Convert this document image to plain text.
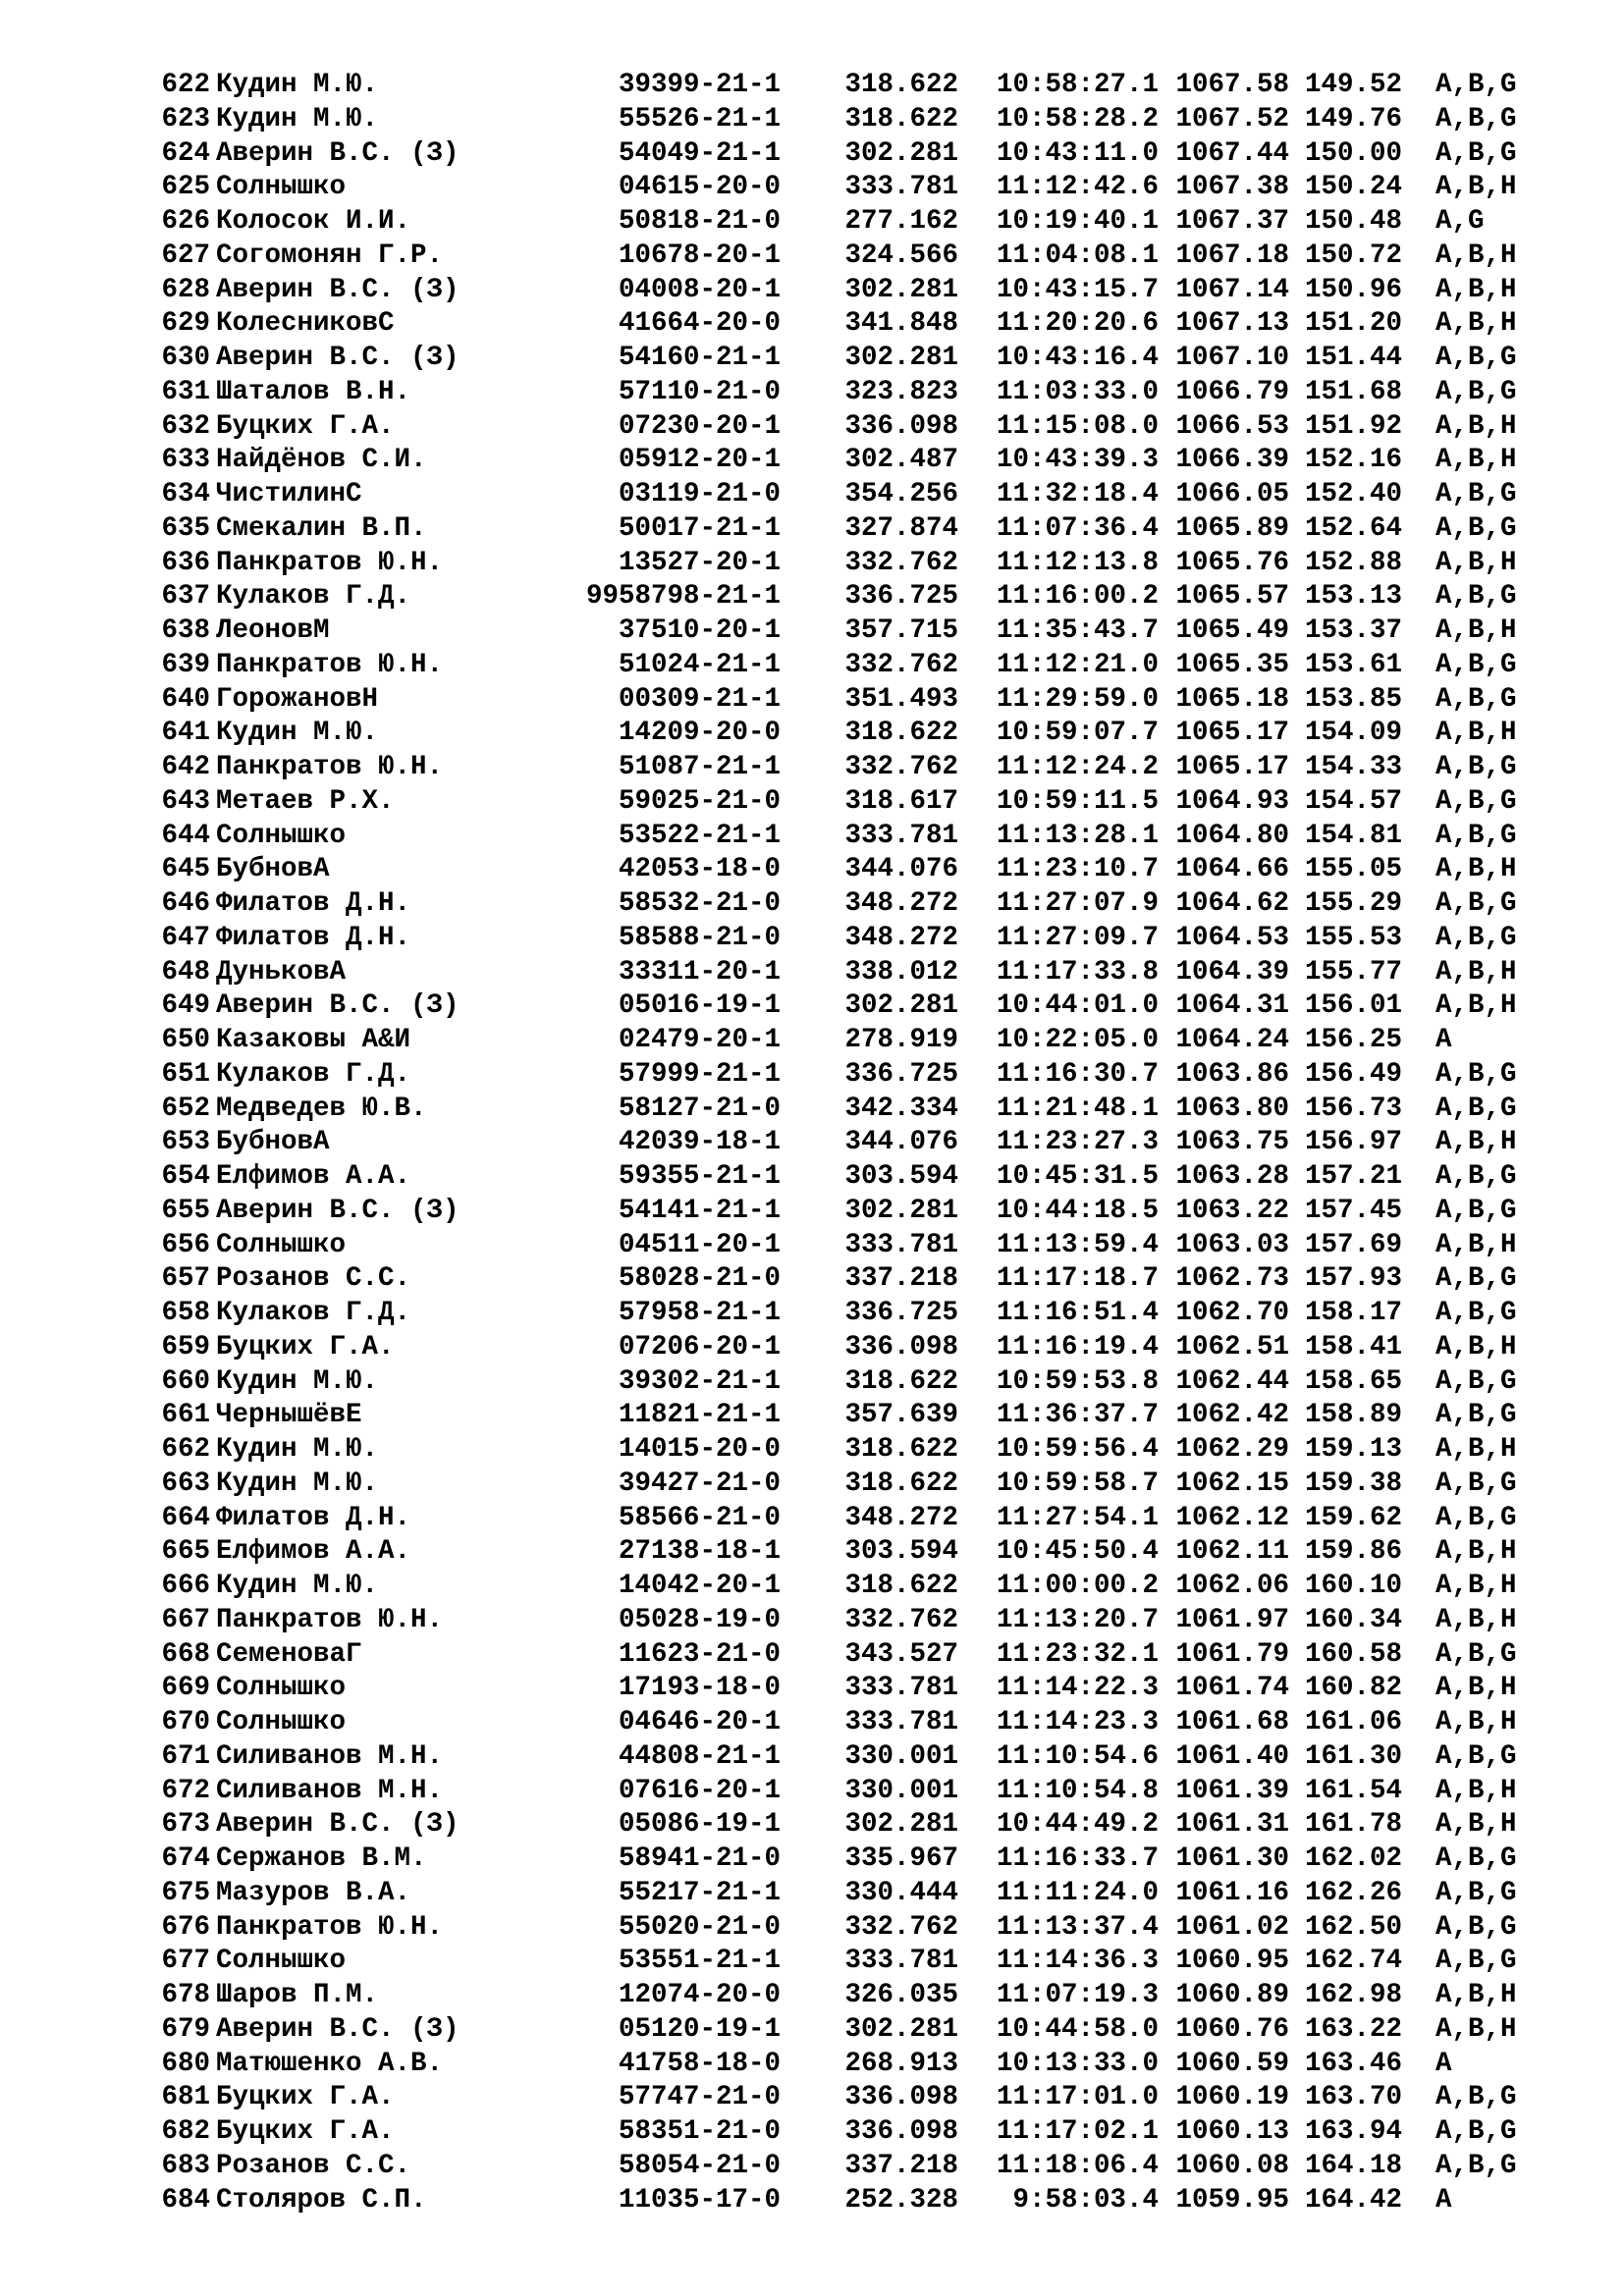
622 Кудин М.Ю.	39399-21-1	318.622	10:58:27.1 1067.58 149.52 A,B,G
623 Кудин М.Ю.	55526-21-1	318.622	10:58:28.2 1067.52 149.76 A,B,G
624 Аверин В.С. (З)	54049-21-1	302.281	10:43:11.0 1067.44 150.00 A,B,G
625 Солнышко	04615-20-0	333.781	11:12:42.6 1067.38 150.24 A,B,H
626 Колосок И.И.	50818-21-0	277.162	10:19:40.1 1067.37 150.48 A,G
627 Согомонян Г.Р.	10678-20-1	324.566	11:04:08.1 1067.18 150.72 A,B,H
628 Аверин В.С. (З)	04008-20-1	302.281	10:43:15.7 1067.14 150.96 A,B,H
629 КолесниковС	41664-20-0	341.848	11:20:20.6 1067.13 151.20 A,B,H
630 Аверин В.С. (З)	54160-21-1	302.281	10:43:16.4 1067.10 151.44 A,B,G
631 Шаталов В.Н.	57110-21-0	323.823	11:03:33.0 1066.79 151.68 A,B,G
632 Буцких Г.А.	07230-20-1	336.098	11:15:08.0 1066.53 151.92 A,B,H
633 Найдёнов С.И.	05912-20-1	302.487	10:43:39.3 1066.39 152.16 A,B,H
634 ЧистилинС	03119-21-0	354.256	11:32:18.4 1066.05 152.40 A,B,G
635 Смекалин В.П.	50017-21-1	327.874	11:07:36.4 1065.89 152.64 A,B,G
636 Панкратов Ю.Н.	13527-20-1	332.762	11:12:13.8 1065.76 152.88 A,B,H
637 Кулаков Г.Д.	9958798-21-1	336.725	11:16:00.2 1065.57 153.13 A,B,G
638 ЛеоновМ	37510-20-1	357.715	11:35:43.7 1065.49 153.37 A,B,H
639 Панкратов Ю.Н.	51024-21-1	332.762	11:12:21.0 1065.35 153.61 A,B,G
640 ГорожановН	00309-21-1	351.493	11:29:59.0 1065.18 153.85 A,B,G
641 Кудин М.Ю.	14209-20-0	318.622	10:59:07.7 1065.17 154.09 A,B,H
642 Панкратов Ю.Н.	51087-21-1	332.762	11:12:24.2 1065.17 154.33 A,B,G
643 Метаев Р.Х.	59025-21-0	318.617	10:59:11.5 1064.93 154.57 A,B,G
644 Солнышко	53522-21-1	333.781	11:13:28.1 1064.80 154.81 A,B,G
645 БубновА	42053-18-0	344.076	11:23:10.7 1064.66 155.05 A,B,H
646 Филатов Д.Н.	58532-21-0	348.272	11:27:07.9 1064.62 155.29 A,B,G
647 Филатов Д.Н.	58588-21-0	348.272	11:27:09.7 1064.53 155.53 A,B,G
648 ДуньковА	33311-20-1	338.012	11:17:33.8 1064.39 155.77 A,B,H
649 Аверин В.С. (З)	05016-19-1	302.281	10:44:01.0 1064.31 156.01 A,B,H
650 Казаковы А&И	02479-20-1	278.919	10:22:05.0 1064.24 156.25 A
651 Кулаков Г.Д.	57999-21-1	336.725	11:16:30.7 1063.86 156.49 A,B,G
652 Медведев Ю.В.	58127-21-0	342.334	11:21:48.1 1063.80 156.73 A,B,G
653 БубновА	42039-18-1	344.076	11:23:27.3 1063.75 156.97 A,B,H
654 Елфимов А.А.	59355-21-1	303.594	10:45:31.5 1063.28 157.21 A,B,G
655 Аверин В.С. (З)	54141-21-1	302.281	10:44:18.5 1063.22 157.45 A,B,G
656 Солнышко	04511-20-1	333.781	11:13:59.4 1063.03 157.69 A,B,H
657 Розанов С.С.	58028-21-0	337.218	11:17:18.7 1062.73 157.93 A,B,G
658 Кулаков Г.Д.	57958-21-1	336.725	11:16:51.4 1062.70 158.17 A,B,G
659 Буцких Г.А.	07206-20-1	336.098	11:16:19.4 1062.51 158.41 A,B,H
660 Кудин М.Ю.	39302-21-1	318.622	10:59:53.8 1062.44 158.65 A,B,G
661 ЧернышёвЕ	11821-21-1	357.639	11:36:37.7 1062.42 158.89 A,B,G
662 Кудин М.Ю.	14015-20-0	318.622	10:59:56.4 1062.29 159.13 A,B,H
663 Кудин М.Ю.	39427-21-0	318.622	10:59:58.7 1062.15 159.38 A,B,G
664 Филатов Д.Н.	58566-21-0	348.272	11:27:54.1 1062.12 159.62 A,B,G
665 Елфимов А.А.	27138-18-1	303.594	10:45:50.4 1062.11 159.86 A,B,H
666 Кудин М.Ю.	14042-20-1	318.622	11:00:00.2 1062.06 160.10 A,B,H
667 Панкратов Ю.Н.	05028-19-0	332.762	11:13:20.7 1061.97 160.34 A,B,H
668 СеменоваГ	11623-21-0	343.527	11:23:32.1 1061.79 160.58 A,B,G
669 Солнышко	17193-18-0	333.781	11:14:22.3 1061.74 160.82 A,B,H
670 Солнышко	04646-20-1	333.781	11:14:23.3 1061.68 161.06 A,B,H
671 Силиванов М.Н.	44808-21-1	330.001	11:10:54.6 1061.40 161.30 A,B,G
672 Силиванов М.Н.	07616-20-1	330.001	11:10:54.8 1061.39 161.54 A,B,H
673 Аверин В.С. (З)	05086-19-1	302.281	10:44:49.2 1061.31 161.78 A,B,H
674 Сержанов В.М.	58941-21-0	335.967	11:16:33.7 1061.30 162.02 A,B,G
675 Мазуров В.А.	55217-21-1	330.444	11:11:24.0 1061.16 162.26 A,B,G
676 Панкратов Ю.Н.	55020-21-0	332.762	11:13:37.4 1061.02 162.50 A,B,G
677 Солнышко	53551-21-1	333.781	11:14:36.3 1060.95 162.74 A,B,G
678 Шаров П.М.	12074-20-0	326.035	11:07:19.3 1060.89 162.98 A,B,H
679 Аверин В.С. (З)	05120-19-1	302.281	10:44:58.0 1060.76 163.22 A,B,H
680 Матюшенко А.В.	41758-18-0	268.913	10:13:33.0 1060.59 163.46 A
681 Буцких Г.А.	57747-21-0	336.098	11:17:01.0 1060.19 163.70 A,B,G
682 Буцких Г.А.	58351-21-0	336.098	11:17:02.1 1060.13 163.94 A,B,G
683 Розанов С.С.	58054-21-0	337.218	11:18:06.4 1060.08 164.18 A,B,G
684 Столяров С.П.	11035-17-0	252.328	9:58:03.4 1059.95 164.42 A
